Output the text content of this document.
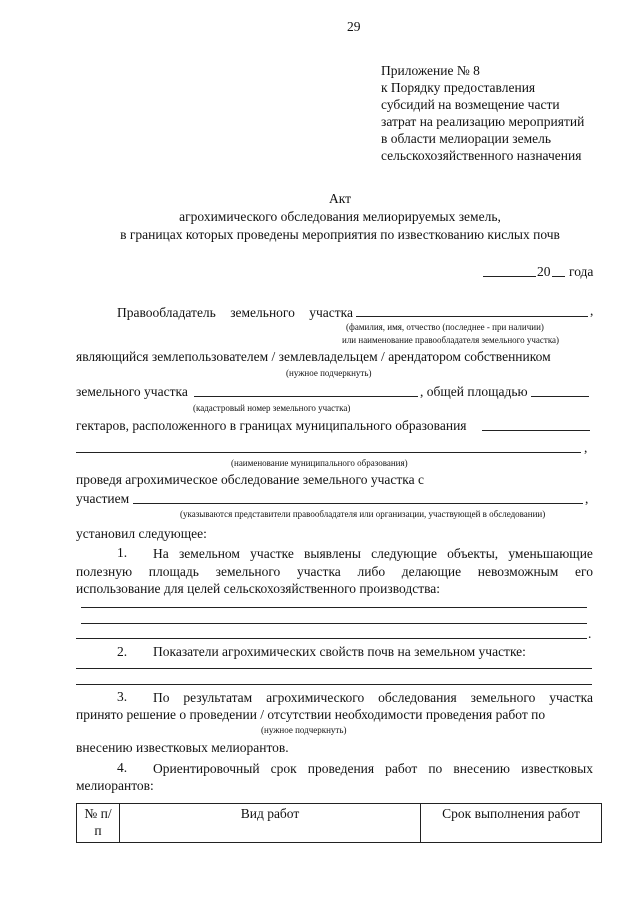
29
Приложение № 8
к Порядку предоставления
субсидий на возмещение части
затрат на реализацию мероприятий
в области мелиорации земель
сельскохозяйственного назначения
Акт
агрохимического обследования мелиорируемых земель,
в границах которых проведены мероприятия по известкованию кислых почв
20 года
Правообладатель земельного участка	,
(фамилия, имя, отчество (последнее - при наличии)
или наименование правообладателя земельного участка)
являющийся землепользователем / землевладельцем / арендатором собственником
(нужное подчеркнуть)
земельного участка	, общей площадью
(кадастровый номер земельного участка)
гектаров, расположенного в границах муниципального образования
,
(наименование муниципального образования)
проведя агрохимическое обследование земельного участка с
участием	,
(указываются представители правообладателя или организации, участвующей в обследовании)
установил следующее:
1. На земельном участке выявлены следующие объекты, уменьшающие
полезную площадь земельного участка либо делающие невозможным его
использование для целей сельскохозяйственного производства:
.
2. Показатели агрохимических свойств почв на земельном участке:
3. По результатам агрохимического обследования земельного участка
принято решение о проведении / отсутствии необходимости проведения работ по
(нужное подчеркнуть)
внесению известковых мелиорантов.
4. Ориентировочный срок проведения работ по внесению известковых
мелиорантов:
№ п/п	Вид работ	Срок выполнения работ
